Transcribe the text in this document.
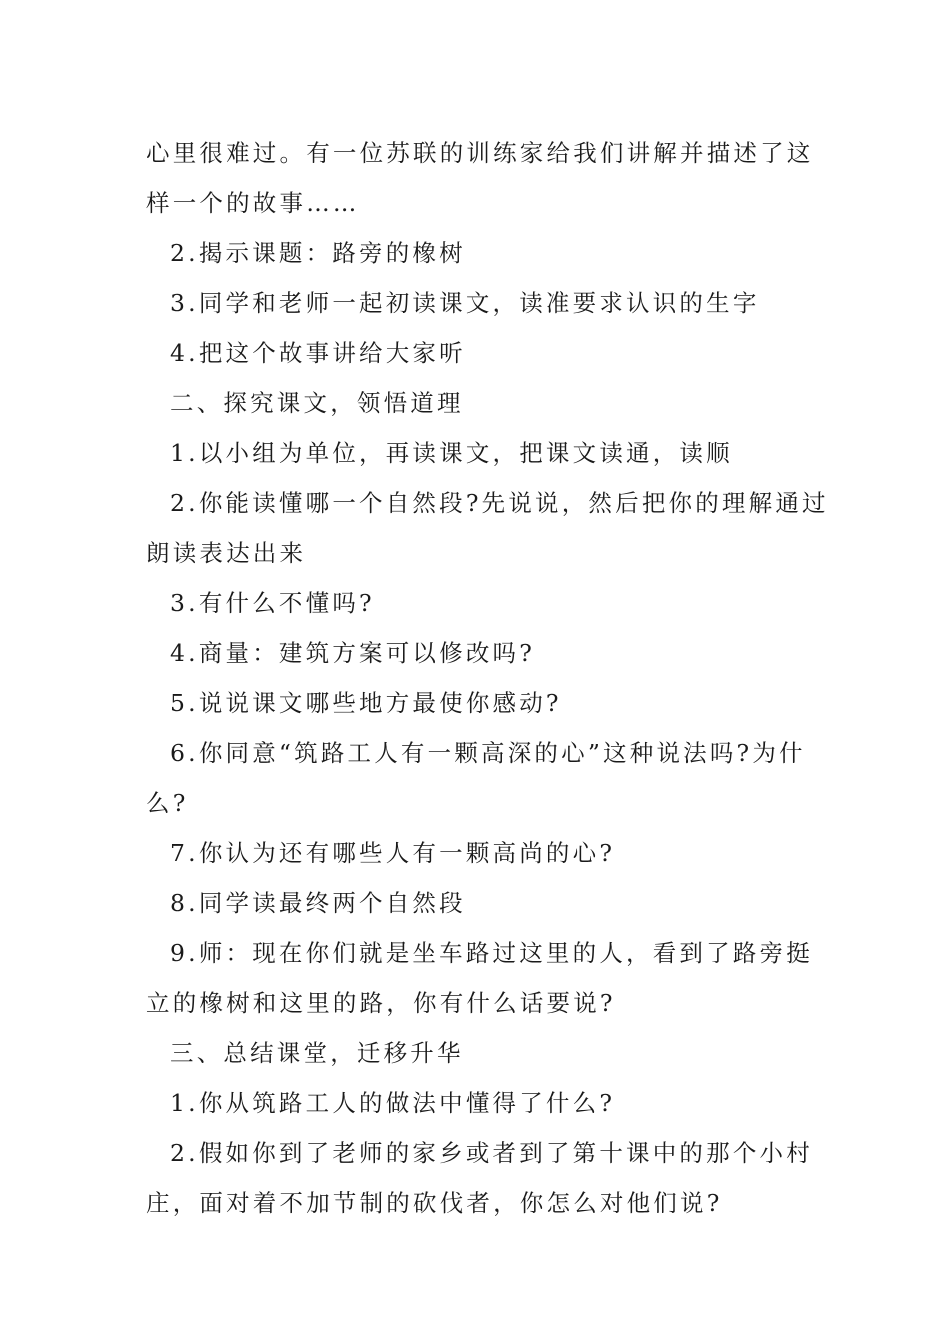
心里很难过。有一位苏联的训练家给我们讲解并描述了这
样一个的故事……
2.揭示课题：路旁的橡树
3.同学和老师一起初读课文，读准要求认识的生字
4.把这个故事讲给大家听
二、探究课文，领悟道理
1.以小组为单位，再读课文，把课文读通，读顺
2.你能读懂哪一个自然段?先说说，然后把你的理解通过
朗读表达出来
3.有什么不懂吗?
4.商量：建筑方案可以修改吗?
5.说说课文哪些地方最使你感动?
6.你同意“筑路工人有一颗高深的心”这种说法吗?为什
么?
7.你认为还有哪些人有一颗高尚的心?
8.同学读最终两个自然段
9.师：现在你们就是坐车路过这里的人，看到了路旁挺
立的橡树和这里的路，你有什么话要说?
三、总结课堂，迁移升华
1.你从筑路工人的做法中懂得了什么?
2.假如你到了老师的家乡或者到了第十课中的那个小村
庄，面对着不加节制的砍伐者，你怎么对他们说?
